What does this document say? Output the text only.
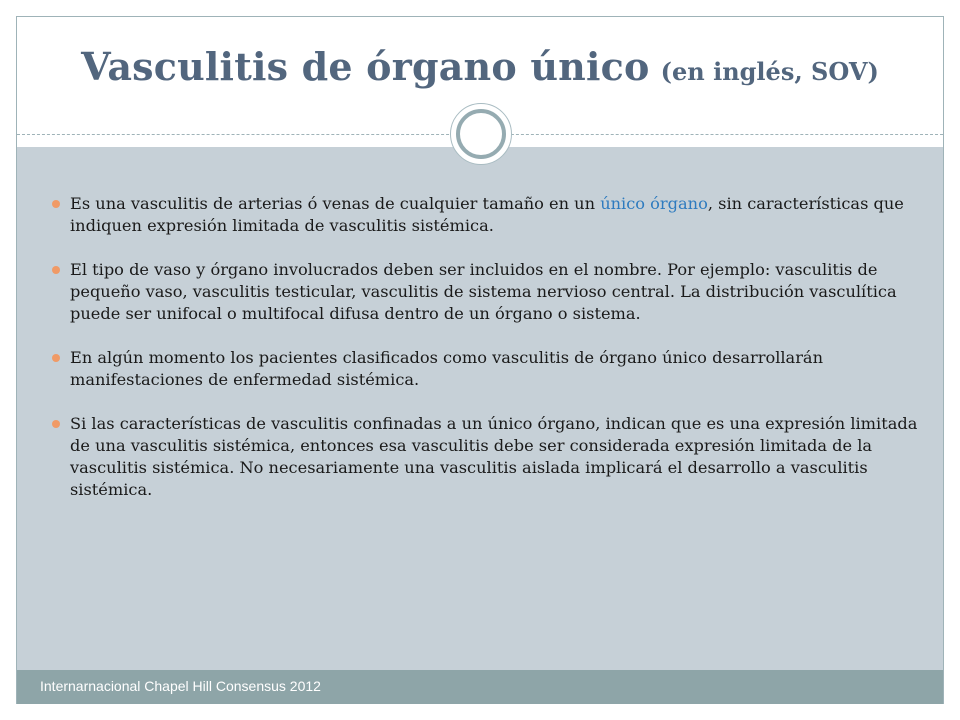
Vasculitis de órgano único (en inglés, SOV)
Es una vasculitis de arterias ó venas de cualquier tamaño en un único órgano, sin características que indiquen expresión limitada de vasculitis sistémica.
El tipo de vaso y órgano involucrados deben ser incluidos en el nombre. Por ejemplo: vasculitis de pequeño vaso, vasculitis testicular, vasculitis de sistema nervioso central. La distribución vasculítica puede ser unifocal o multifocal difusa dentro de un órgano o sistema.
En algún momento los pacientes clasificados como vasculitis de órgano único desarrollarán manifestaciones de enfermedad sistémica.
Si las características de vasculitis confinadas a un único órgano, indican que es una expresión limitada de una vasculitis sistémica, entonces esa vasculitis debe ser considerada expresión limitada de la vasculitis sistémica. No necesariamente una vasculitis aislada implicará el desarrollo a vasculitis sistémica.
Internarnacional Chapel Hill Consensus 2012
